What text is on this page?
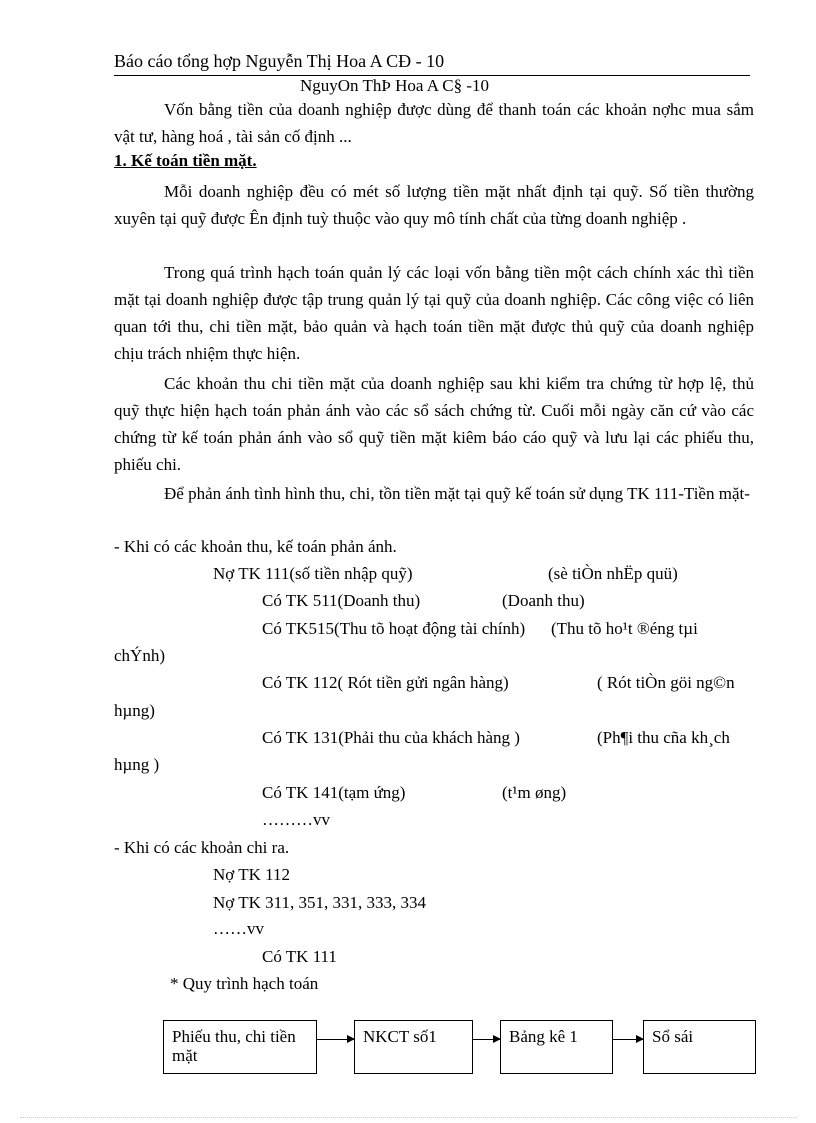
Báo cáo tổng hợp Nguyễn Thị Hoa A CĐ - 10
NguyOn ThÞ Hoa A C§ -10
Vốn bằng tiền của doanh nghiệp được dùng để thanh toán các khoản nợhc mua sắm vật tư, hàng hoá , tài sản cố định ...
1. Kế toán tiền mặt.
Mỗi doanh nghiệp đều có mét số lượng tiền mặt nhất định tại quỹ. Số tiền thường xuyên tại quỹ được Ên định tuỳ thuộc vào quy mô tính chất của từng doanh nghiệp .
Trong quá trình hạch toán quản lý các loại vốn bằng tiền một cách chính xác thì tiền mặt tại doanh nghiệp được tập trung quản lý tại quỹ của doanh nghiệp. Các công việc có liên quan tới thu, chi tiền mặt, bảo quản và hạch toán tiền mặt được thủ quỹ của doanh nghiệp chịu trách nhiệm thực hiện.
Các khoản thu chi tiền mặt của doanh nghiệp sau khi kiểm tra chứng từ hợp lệ, thủ quỹ thực hiện hạch toán phản ánh vào các sổ sách chứng từ. Cuối mỗi ngày căn cứ vào các chứng từ kế toán phản ánh vào sổ quỹ tiền mặt kiêm báo cáo quỹ và lưu lại các phiếu thu, phiếu chi.
Để phản ánh tình hình thu, chi, tồn tiền mặt tại quỹ kế toán sử dụng TK 111-Tiền mặt-
- Khi có các khoản thu, kế toán phản ánh.
Nợ TK 111(số tiền nhập quỹ)	(sè tiÒn nhËp quü)
Có TK 511(Doanh thu)	(Doanh thu)
Có TK515(Thu tõ hoạt động tài chính) (Thu tõ ho¹t ®éng tµi
chÝnh)
Có TK 112( Rót tiền gửi ngân hàng)	( Rót tiÒn göi ng©n
hµng)
Có TK 131(Phải thu của khách hàng )	(Ph¶i thu cña kh¸ch
hµng )
Có TK 141(tạm ứng)	(t¹m øng)
………vv
- Khi có các khoản chi ra.
Nợ TK 112
Nợ TK 311, 351, 331, 333, 334
……vv
Có TK 111
* Quy trình hạch toán
Phiếu thu, chi tiền mặt
NKCT số1	Bảng kê 1	Sổ sái
